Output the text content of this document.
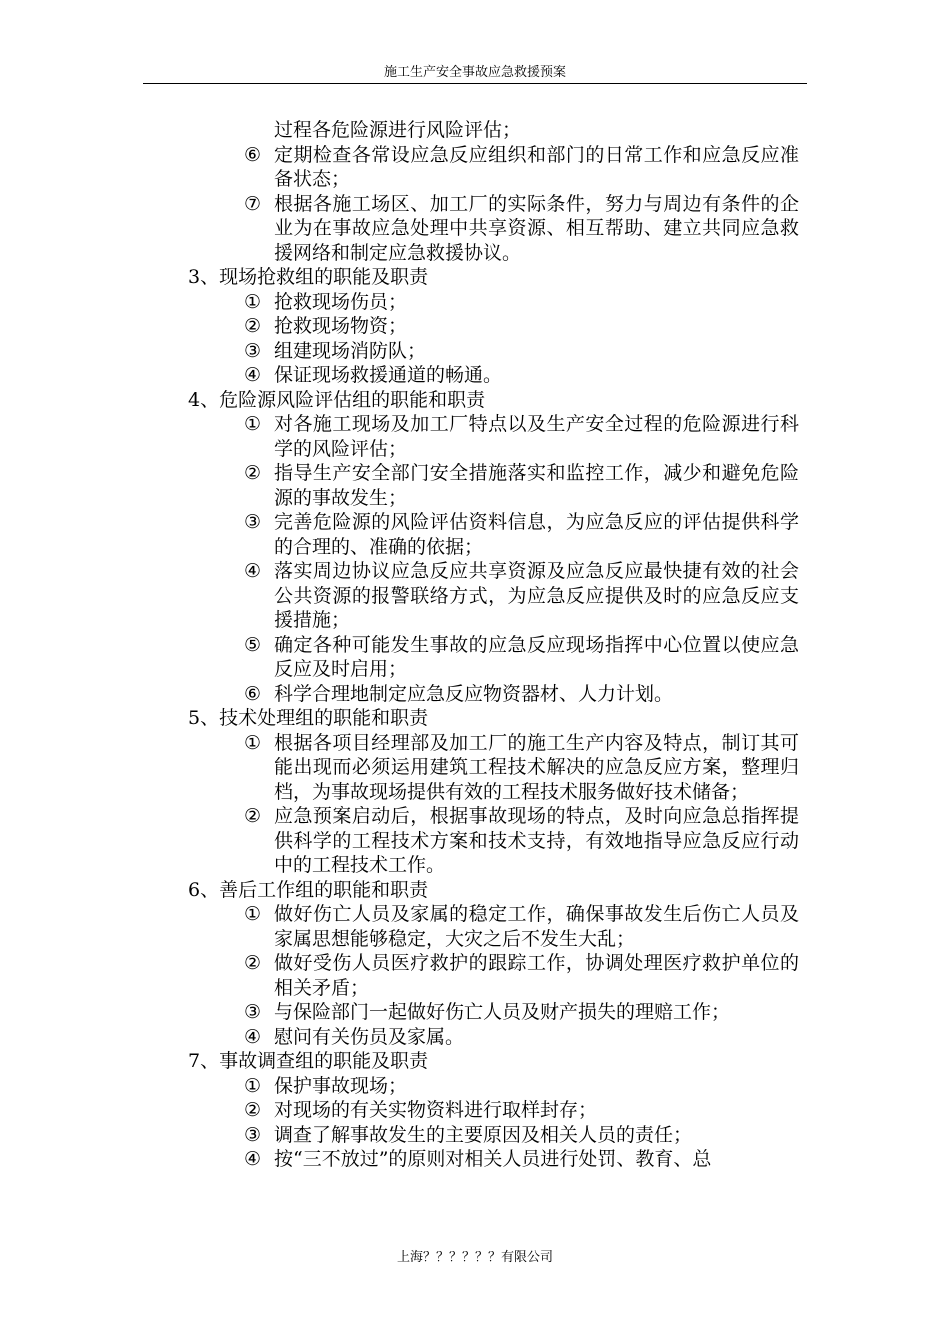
施工生产安全事故应急救援预案
过程各危险源进行风险评估；
⑥ 定期检查各常设应急反应组织和部门的日常工作和应急反应准备状态；
⑦ 根据各施工场区、加工厂的实际条件，努力与周边有条件的企业为在事故应急处理中共享资源、相互帮助、建立共同应急救援网络和制定应急救援协议。
3、现场抢救组的职能及职责
① 抢救现场伤员；
② 抢救现场物资；
③ 组建现场消防队；
④ 保证现场救援通道的畅通。
4、危险源风险评估组的职能和职责
① 对各施工现场及加工厂特点以及生产安全过程的危险源进行科学的风险评估；
② 指导生产安全部门安全措施落实和监控工作，减少和避免危险源的事故发生；
③ 完善危险源的风险评估资料信息，为应急反应的评估提供科学的合理的、准确的依据；
④ 落实周边协议应急反应共享资源及应急反应最快捷有效的社会公共资源的报警联络方式，为应急反应提供及时的应急反应支援措施；
⑤ 确定各种可能发生事故的应急反应现场指挥中心位置以使应急反应及时启用；
⑥ 科学合理地制定应急反应物资器材、人力计划。
5、技术处理组的职能和职责
① 根据各项目经理部及加工厂的施工生产内容及特点，制订其可能出现而必须运用建筑工程技术解决的应急反应方案，整理归档，为事故现场提供有效的工程技术服务做好技术储备；
② 应急预案启动后，根据事故现场的特点，及时向应急总指挥提供科学的工程技术方案和技术支持，有效地指导应急反应行动中的工程技术工作。
6、善后工作组的职能和职责
① 做好伤亡人员及家属的稳定工作，确保事故发生后伤亡人员及家属思想能够稳定，大灾之后不发生大乱；
② 做好受伤人员医疗救护的跟踪工作，协调处理医疗救护单位的相关矛盾；
③ 与保险部门一起做好伤亡人员及财产损失的理赔工作；
④ 慰问有关伤员及家属。
7、事故调查组的职能及职责
① 保护事故现场；
② 对现场的有关实物资料进行取样封存；
③ 调查了解事故发生的主要原因及相关人员的责任；
④ 按“三不放过”的原则对相关人员进行处罚、教育、总
上海？？？？？？有限公司
